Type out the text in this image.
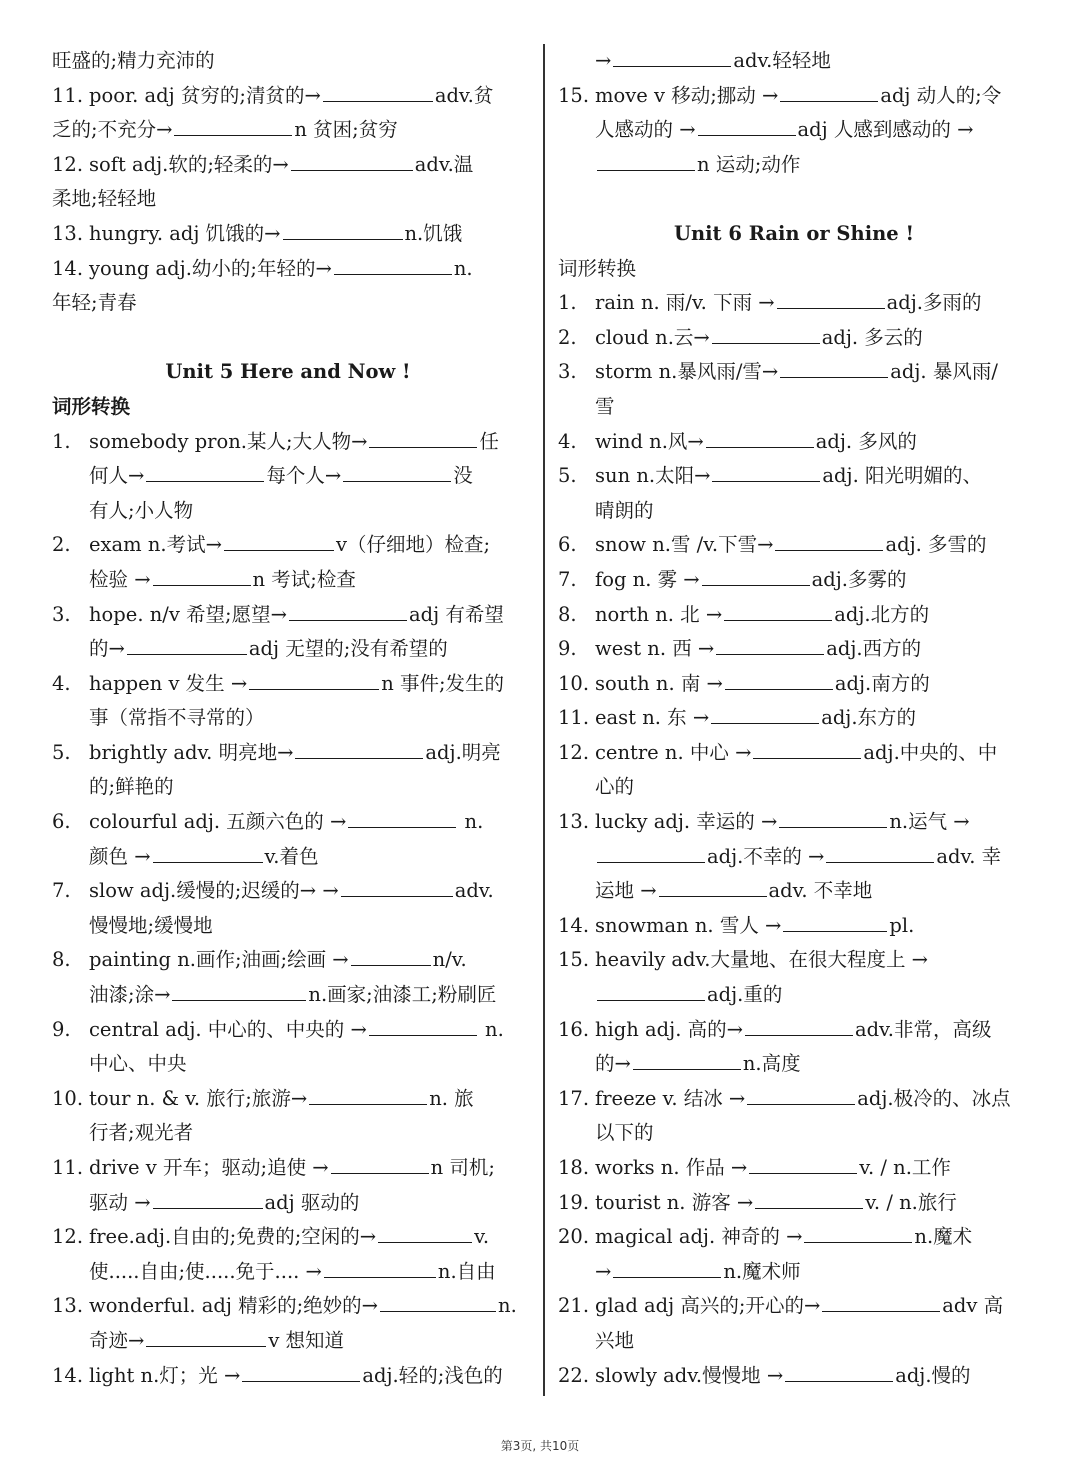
旺盛的;精力充沛的
11. poor. adj 贫穷的;清贫的→	adv.贫
乏的;不充分→	n 贫困;贫穷
12. soft adj.软的;轻柔的→	adv.温
柔地;轻轻地
13. hungry. adj 饥饿的→	n.饥饿
14. young adj.幼小的;年轻的→	n.
年轻;青春
Unit 5 Here and Now !
词形转换
1. somebody pron.某人;大人物→	任
何人→	每个人→	没
有人;小人物
2. exam n.考试→	v（仔细地）检查;
检验 →	n 考试;检查
3. hope. n/v 希望;愿望→	adj 有希望
的→	adj 无望的;没有希望的
4. happen v 发生 →	n 事件;发生的
事（常指不寻常的）
5. brightly adv. 明亮地→	adj.明亮
的;鲜艳的
6. colourful adj. 五颜六色的 →	n.
颜色 →	v.着色
7. slow adj.缓慢的;迟缓的→ →	adv.
慢慢地;缓慢地
8. painting n.画作;油画;绘画 →	n/v.
油漆;涂→	n.画家;油漆工;粉刷匠
9. central adj. 中心的、中央的 →	n.
中心、中央
10. tour n. & v. 旅行;旅游→	n. 旅
行者;观光者
11. drive v 开车；驱动;追使 →	n 司机;
驱动 →	adj 驱动的
12. free.adj.自由的;免费的;空闲的→	v.
使.....自由;使.....免于.... →	n.自由
13. wonderful. adj 精彩的;绝妙的→	n.
奇迹→	v 想知道
14. light n.灯；光 →	adj.轻的;浅色的
→	adv.轻轻地
15. move v 移动;挪动 →	adj 动人的;令
人感动的 →	adj 人感到感动的 →
n 运动;动作
Unit 6 Rain or Shine !
词形转换
1. rain n. 雨/v. 下雨 →	adj.多雨的
2. cloud n.云→	adj. 多云的
3. storm n.暴风雨/雪→	adj. 暴风雨/
雪
4. wind n.风→	adj. 多风的
5. sun n.太阳→	adj. 阳光明媚的、
晴朗的
6. snow n.雪 /v.下雪→	adj. 多雪的
7. fog n. 雾 →	adj.多雾的
8. north n. 北 →	adj.北方的
9. west n. 西 →	adj.西方的
10. south n. 南 →	adj.南方的
11. east n. 东 →	adj.东方的
12. centre n. 中心 →	adj.中央的、中
心的
13. lucky adj. 幸运的 →	n.运气 →
adj.不幸的 →	adv. 幸
运地 →	adv. 不幸地
14. snowman n. 雪人 →	pl.
15. heavily adv.大量地、在很大程度上 →
adj.重的
16. high adj. 高的→	adv.非常，高级
的→	n.高度
17. freeze v. 结冰 →	adj.极冷的、冰点
以下的
18. works n. 作品 →	v. / n.工作
19. tourist n. 游客 →	v. / n.旅行
20. magical adj. 神奇的 →	n.魔术
→	n.魔术师
21. glad adj 高兴的;开心的→	adv 高
兴地
22. slowly adv.慢慢地 →	adj.慢的
第3页, 共10页
